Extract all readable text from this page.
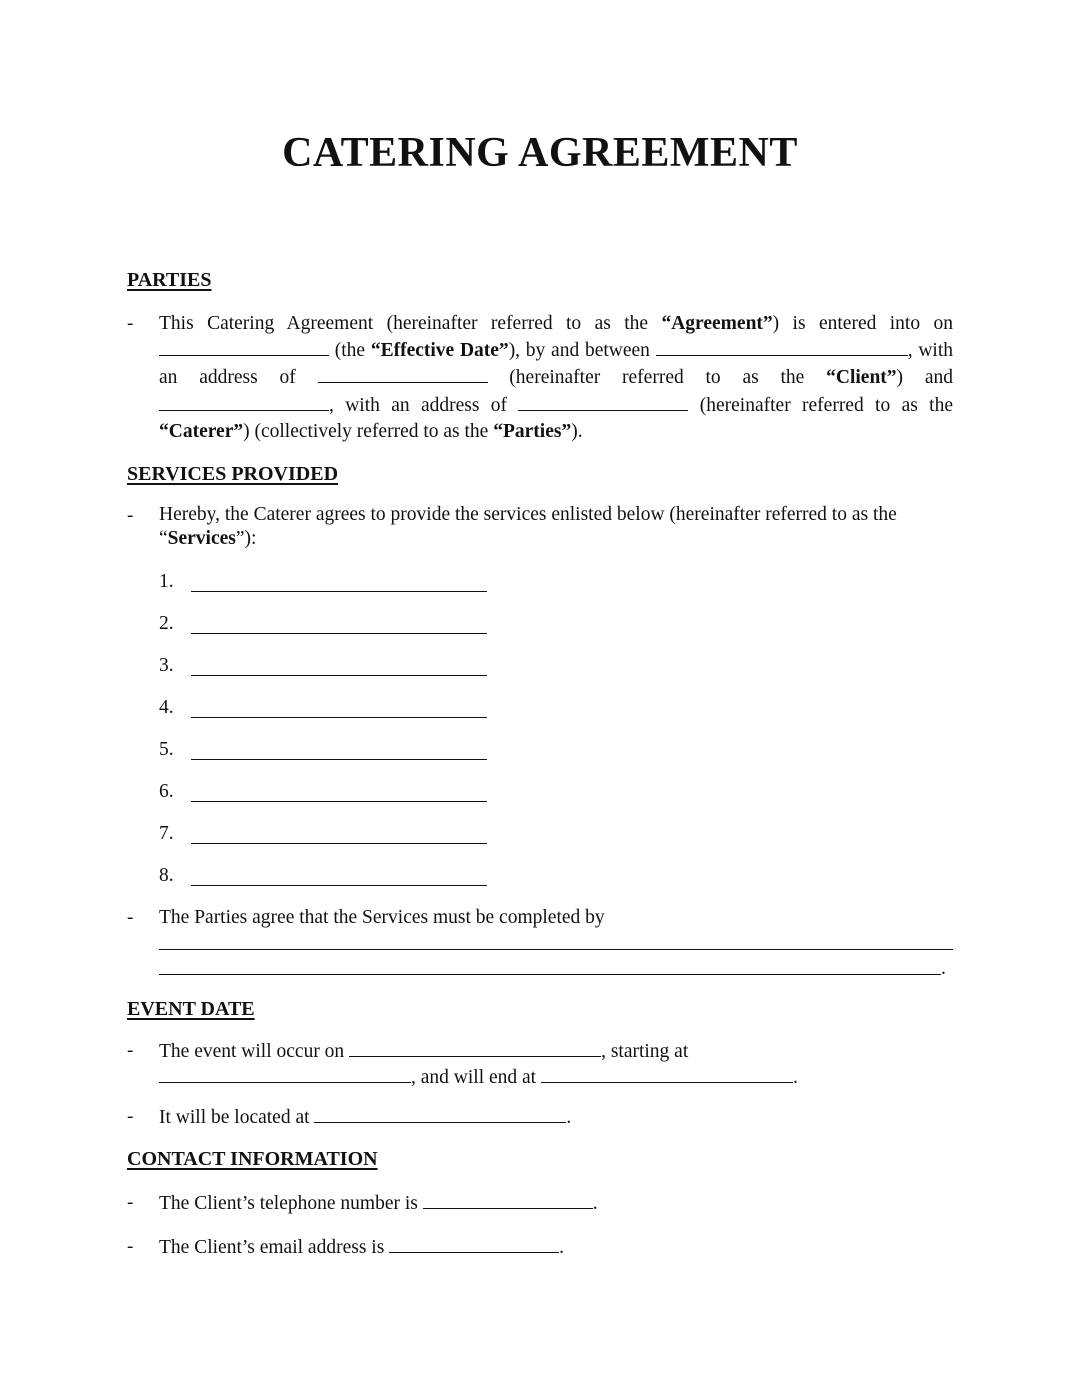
CATERING AGREEMENT
PARTIES
- This Catering Agreement (hereinafter referred to as the “Agreement”) is entered into on  (the “Effective Date”), by and between	, with an address of	(hereinafter referred to as the “Client”) and , with an address of	(hereinafter referred to as the “Caterer”) (collectively referred to as the “Parties”).

SERVICES PROVIDED
- Hereby, the Caterer agrees to provide the services enlisted below (hereinafter referred to as the “Services”):

1.
2.
3.
4.
5.
6.
7.
8.
- The Parties agree that the Services must be completed by

.
EVENT DATE
- The event will occur on	, starting at
, and will end at	.

- It will be located at	.

CONTACT INFORMATION
- The Client’s telephone number is	.

- The Client’s email address is	.
